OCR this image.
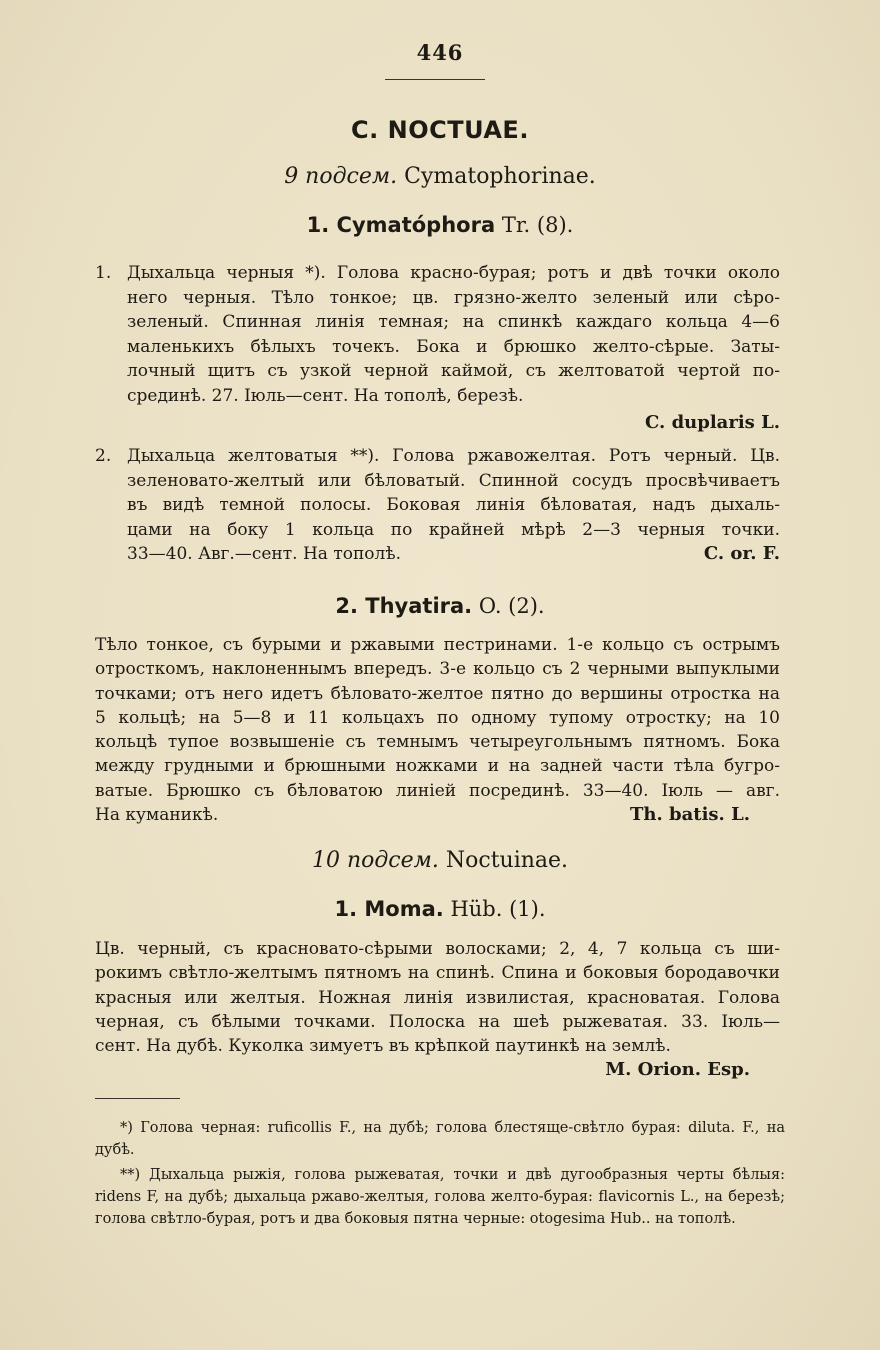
446
C. NOCTUAE.
9 подсем. Cymatophorinae.
1. Cymatóphora Tr. (8).
1. Дыхальца черныя *). Голова красно-бурая; ротъ и двѣ точки около
него черныя. Тѣло тонкое; цв. грязно-желто зеленый или сѣро-
зеленый. Спинная линія темная; на спинкѣ каждаго кольца 4—6
маленькихъ бѣлыхъ точекъ. Бока и брюшко желто-сѣрые. Заты-
лочный щитъ съ узкой черной каймой, съ желтоватой чертой по-
срединѣ. 27. Іюль—сент. На тополѣ, березѣ.
C. duplaris L.
2. Дыхальца желтоватыя **). Голова ржавожелтая. Ротъ черный. Цв.
зеленовато-желтый или бѣловатый. Спинной сосудъ просвѣчиваетъ
въ видѣ темной полосы. Боковая линія бѣловатая, надъ дыхаль-
цами на боку 1 кольца по крайней мѣрѣ 2—3 черныя точки.
33—40. Авг.—сент. На тополѣ.	C. or. F.
2. Thyatira. O. (2).
Тѣло тонкое, съ бурыми и ржавыми пестринами. 1-е кольцо съ острымъ
отросткомъ, наклоненнымъ впередъ. 3-е кольцо съ 2 черными выпуклыми
точками; отъ него идетъ бѣловато-желтое пятно до вершины отростка на
5 кольцѣ; на 5—8 и 11 кольцахъ по одному тупому отростку; на 10
кольцѣ тупое возвышеніе съ темнымъ четыреугольнымъ пятномъ. Бока
между грудными и брюшными ножками и на задней части тѣла бугро-
ватые. Брюшко съ бѣловатою линіей посрединѣ. 33—40. Іюль — авг.
На куманикѣ.	Th. batis. L.
10 подсем. Noctuinae.
1. Moma. Hüb. (1).
Цв. черный, съ красновато-сѣрыми волосками; 2, 4, 7 кольца съ ши-
рокимъ свѣтло-желтымъ пятномъ на спинѣ. Спина и боковыя бородавочки
красныя или желтыя. Ножная линія извилистая, красноватая. Голова
черная, съ бѣлыми точками. Полоска на шеѣ рыжеватая. 33. Іюль—
сент. На дубѣ. Куколка зимуетъ въ крѣпкой паутинкѣ на землѣ.
M. Orion. Esp.

*) Голова черная: ruficollis F., на дубѣ; голова блестяще-свѣтло бурая: diluta. F., на дубѣ.

**) Дыхальца рыжія, голова рыжеватая, точки и двѣ дугообразныя черты бѣлыя: ridens F, на дубѣ; дыхальца ржаво-желтыя, голова желто-бурая: flavicornis L., на березѣ; голова свѣтло-бурая, ротъ и два боковыя пятна черные: otogesima Hub.. на тополѣ.
